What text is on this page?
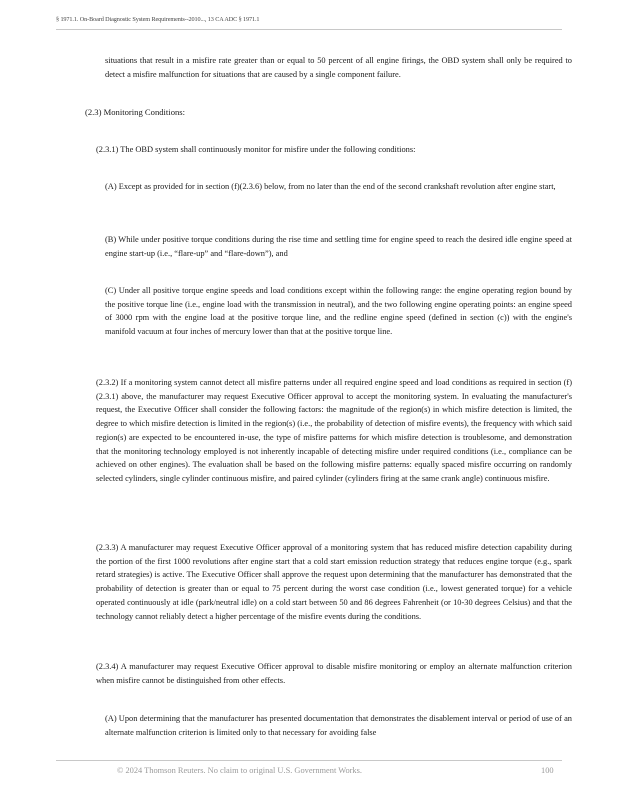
§ 1971.1. On-Board Diagnostic System Requirements--2010..., 13 CA ADC § 1971.1
situations that result in a misfire rate greater than or equal to 50 percent of all engine firings, the OBD system shall only be required to detect a misfire malfunction for situations that are caused by a single component failure.
(2.3) Monitoring Conditions:
(2.3.1) The OBD system shall continuously monitor for misfire under the following conditions:
(A) Except as provided for in section (f)(2.3.6) below, from no later than the end of the second crankshaft revolution after engine start,
(B) While under positive torque conditions during the rise time and settling time for engine speed to reach the desired idle engine speed at engine start-up (i.e., “flare-up” and “flare-down”), and
(C) Under all positive torque engine speeds and load conditions except within the following range: the engine operating region bound by the positive torque line (i.e., engine load with the transmission in neutral), and the two following engine operating points: an engine speed of 3000 rpm with the engine load at the positive torque line, and the redline engine speed (defined in section (c)) with the engine's manifold vacuum at four inches of mercury lower than that at the positive torque line.
(2.3.2) If a monitoring system cannot detect all misfire patterns under all required engine speed and load conditions as required in section (f)(2.3.1) above, the manufacturer may request Executive Officer approval to accept the monitoring system. In evaluating the manufacturer's request, the Executive Officer shall consider the following factors: the magnitude of the region(s) in which misfire detection is limited, the degree to which misfire detection is limited in the region(s) (i.e., the probability of detection of misfire events), the frequency with which said region(s) are expected to be encountered in-use, the type of misfire patterns for which misfire detection is troublesome, and demonstration that the monitoring technology employed is not inherently incapable of detecting misfire under required conditions (i.e., compliance can be achieved on other engines). The evaluation shall be based on the following misfire patterns: equally spaced misfire occurring on randomly selected cylinders, single cylinder continuous misfire, and paired cylinder (cylinders firing at the same crank angle) continuous misfire.
(2.3.3) A manufacturer may request Executive Officer approval of a monitoring system that has reduced misfire detection capability during the portion of the first 1000 revolutions after engine start that a cold start emission reduction strategy that reduces engine torque (e.g., spark retard strategies) is active. The Executive Officer shall approve the request upon determining that the manufacturer has demonstrated that the probability of detection is greater than or equal to 75 percent during the worst case condition (i.e., lowest generated torque) for a vehicle operated continuously at idle (park/neutral idle) on a cold start between 50 and 86 degrees Fahrenheit (or 10-30 degrees Celsius) and that the technology cannot reliably detect a higher percentage of the misfire events during the conditions.
(2.3.4) A manufacturer may request Executive Officer approval to disable misfire monitoring or employ an alternate malfunction criterion when misfire cannot be distinguished from other effects.
(A) Upon determining that the manufacturer has presented documentation that demonstrates the disablement interval or period of use of an alternate malfunction criterion is limited only to that necessary for avoiding false
© 2024 Thomson Reuters. No claim to original U.S. Government Works.	100
